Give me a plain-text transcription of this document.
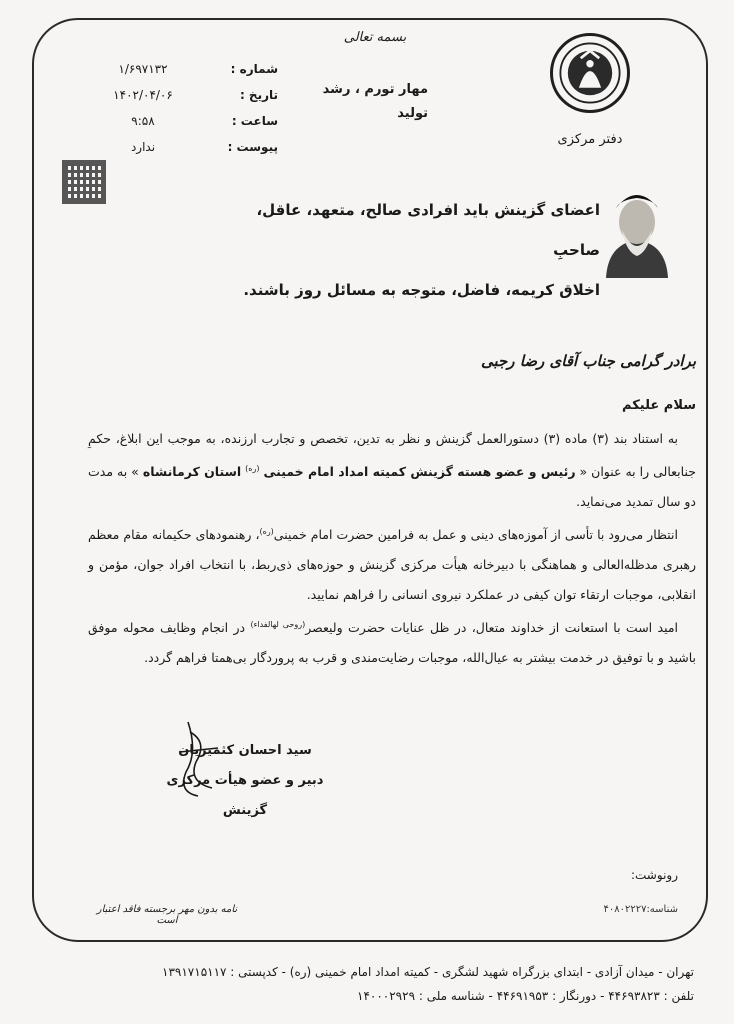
بسمه تعالی
مهار تورم ، رشد
تولید
شماره :
۱/۶۹۷۱۳۲
تاریخ :
۱۴۰۲/۰۴/۰۶
ساعت :
۹:۵۸
پیوست :
ندارد	دفتر مرکزی
اعضای گزینش باید افرادی صالح، متعهد، عاقل، صاحبِ
اخلاق کریمه، فاضل، متوجه به مسائل روز باشند.
برادر گرامی جناب آقای رضا رجبی
سلام علیکم

به استناد بند (۳) ماده (۳) دستورالعمل گزینش و نظر به تدین، تخصص و تجارب ارزنده، به موجب این ابلاغ، حکمِ جنابعالی را به عنوان « رئیس و عضو هسته گزینش کمیته امداد امام خمینی $^{(ره)}$ استان کرمانشاه » به مدت دو سال تمدید می‌نماید.

انتظار می‌رود با تأسی از آموزه‌های دینی و عمل به فرامین حضرت امام خمینی$^{(ره)}$، رهنمودهای حکیمانه مقام معظم رهبری مدظله‌العالی و هماهنگی با دبیرخانه هیأت مرکزی گزینش و حوزه‌های ذی‌ربط، با انتخاب افراد جوان، مؤمن و انقلابی، موجبات ارتقاء توان کیفی در عملکرد نیروی انسانی را فراهم نمایید.

امید است با استعانت از خداوند متعال، در ظل عنایات حضرت ولیعصر$^{(روحی لهالفداء)}$ در انجام وظایف محوله موفق باشید و با توفیق در خدمت بیشتر به عیال‌الله، موجبات رضایت‌مندی و قرب به پروردگار بی‌همتا فراهم گردد.

سید احسان کثمیریان
دبیر و عضو هیأت مرکزی گزینش
رونوشت:
شناسه:۴۰۸۰۲۲۲۷
نامه بدون مهر برجسته فاقد اعتبار است
تهران - میدان آزادی - ابتدای بزرگراه شهید لشگری - کمیته امداد امام خمینی (ره) - کدپستی : ۱۳۹۱۷۱۵۱۱۷
تلفن : ۴۴۶۹۳۸۲۳ - دورنگار : ۴۴۶۹۱۹۵۳ - شناسه ملی : ۱۴۰۰۰۲۹۲۹
